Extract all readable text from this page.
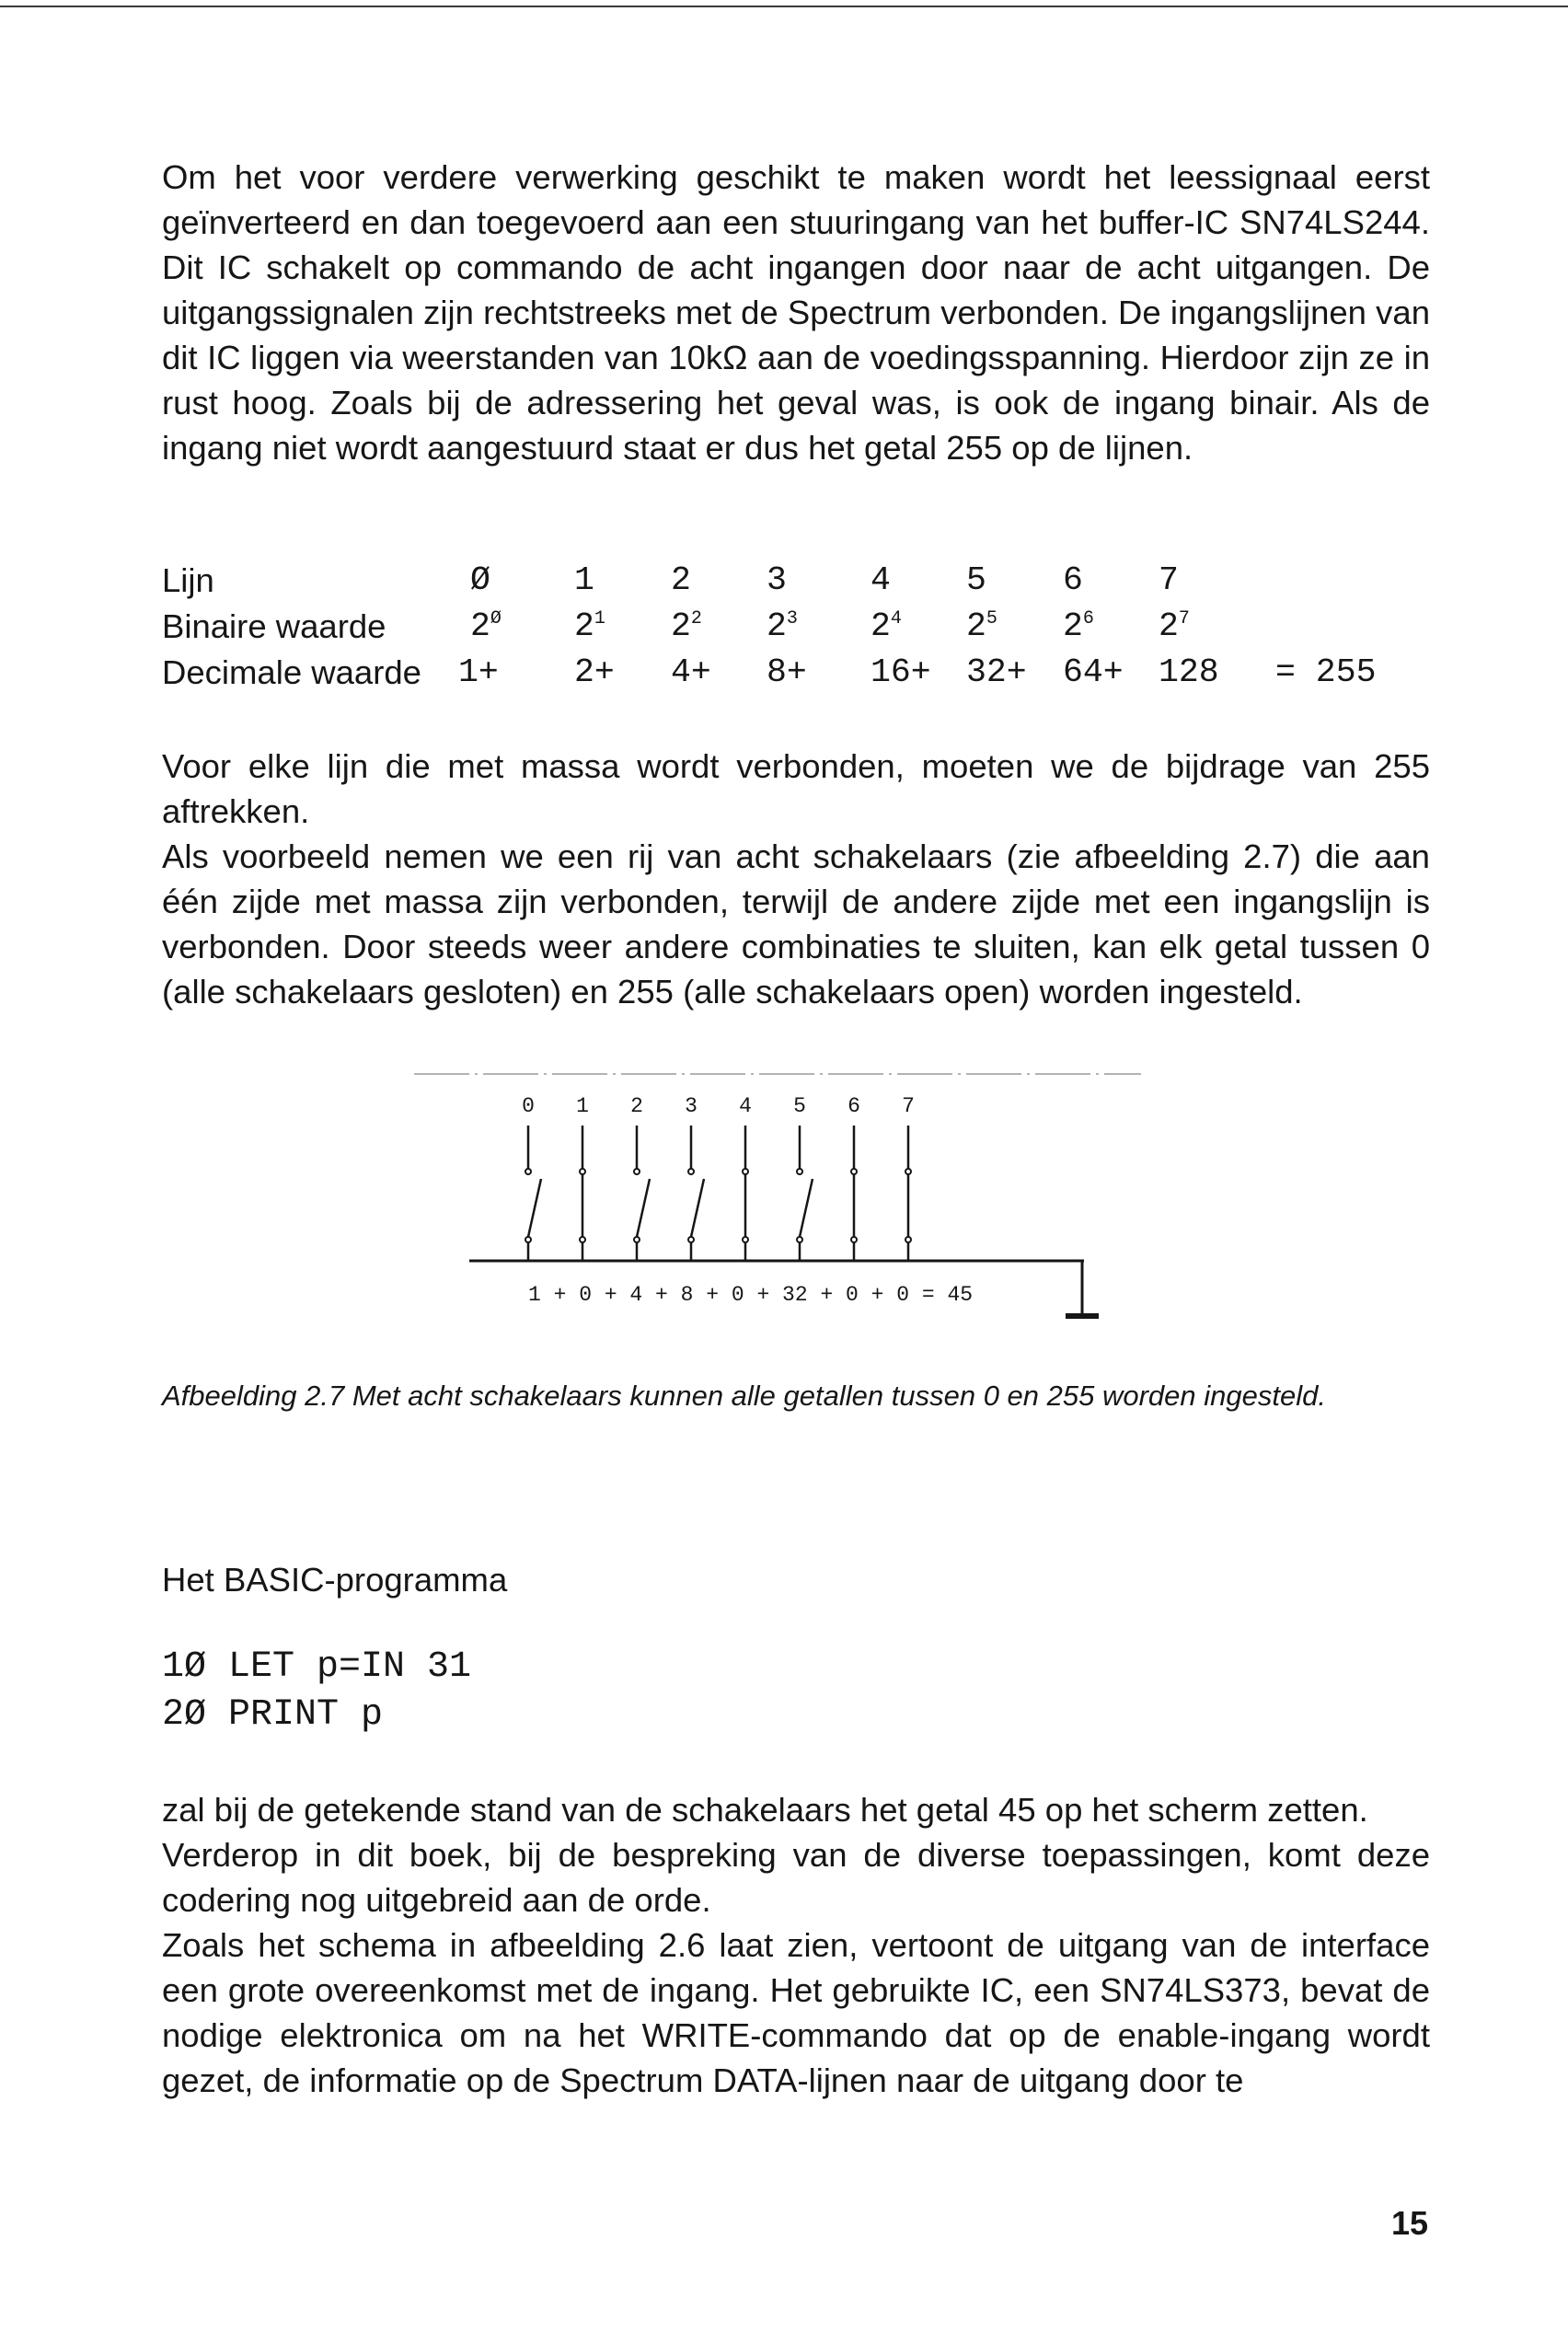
Om het voor verdere verwerking geschikt te maken wordt het leessignaal eerst geïnverteerd en dan toegevoerd aan een stuuringang van het buffer-IC SN74LS244. Dit IC schakelt op commando de acht ingangen door naar de acht uitgangen. De uitgangssignalen zijn rechtstreeks met de Spectrum verbonden. De ingangslijnen van dit IC liggen via weerstanden van 10kΩ aan de voedingsspanning. Hierdoor zijn ze in rust hoog. Zoals bij de adressering het geval was, is ook de ingang binair. Als de ingang niet wordt aangestuurd staat er dus het getal 255 op de lijnen.

Lijn	Ø 1 2 3 4 5 6 7
Binaire waarde	$2^Ø$ $2^1$ $2^2$ $2^3$ $2^4$ $2^5$ $2^6$ $2^7$
Decimale waarde 1+ 2+ 4+ 8+ 16+ 32+ 64+ 128 = 255

Voor elke lijn die met massa wordt verbonden, moeten we de bijdrage van 255 aftrekken.

Als voorbeeld nemen we een rij van acht schakelaars (zie afbeelding 2.7) die aan één zijde met massa zijn verbonden, terwijl de andere zijde met een ingangslijn is verbonden. Door steeds weer andere combinaties te sluiten, kan elk getal tussen 0 (alle schakelaars gesloten) en 255 (alle schakelaars open) worden ingesteld.

0 1 2 3 4 5 6 7
1 + 0 + 4 + 8 + 0 + 32 + 0 + 0 = 45

Afbeelding 2.7 Met acht schakelaars kunnen alle getallen tussen 0 en 255 worden ingesteld.

Het BASIC-programma

1Ø LET p=IN 31
2Ø PRINT p

zal bij de getekende stand van de schakelaars het getal 45 op het scherm zetten.

Verderop in dit boek, bij de bespreking van de diverse toepassingen, komt deze codering nog uitgebreid aan de orde.

Zoals het schema in afbeelding 2.6 laat zien, vertoont de uitgang van de interface een grote overeenkomst met de ingang. Het gebruikte IC, een SN74LS373, bevat de nodige elektronica om na het WRITE-commando dat op de enable-ingang wordt gezet, de informatie op de Spectrum DATA-lijnen naar de uitgang door te

15
